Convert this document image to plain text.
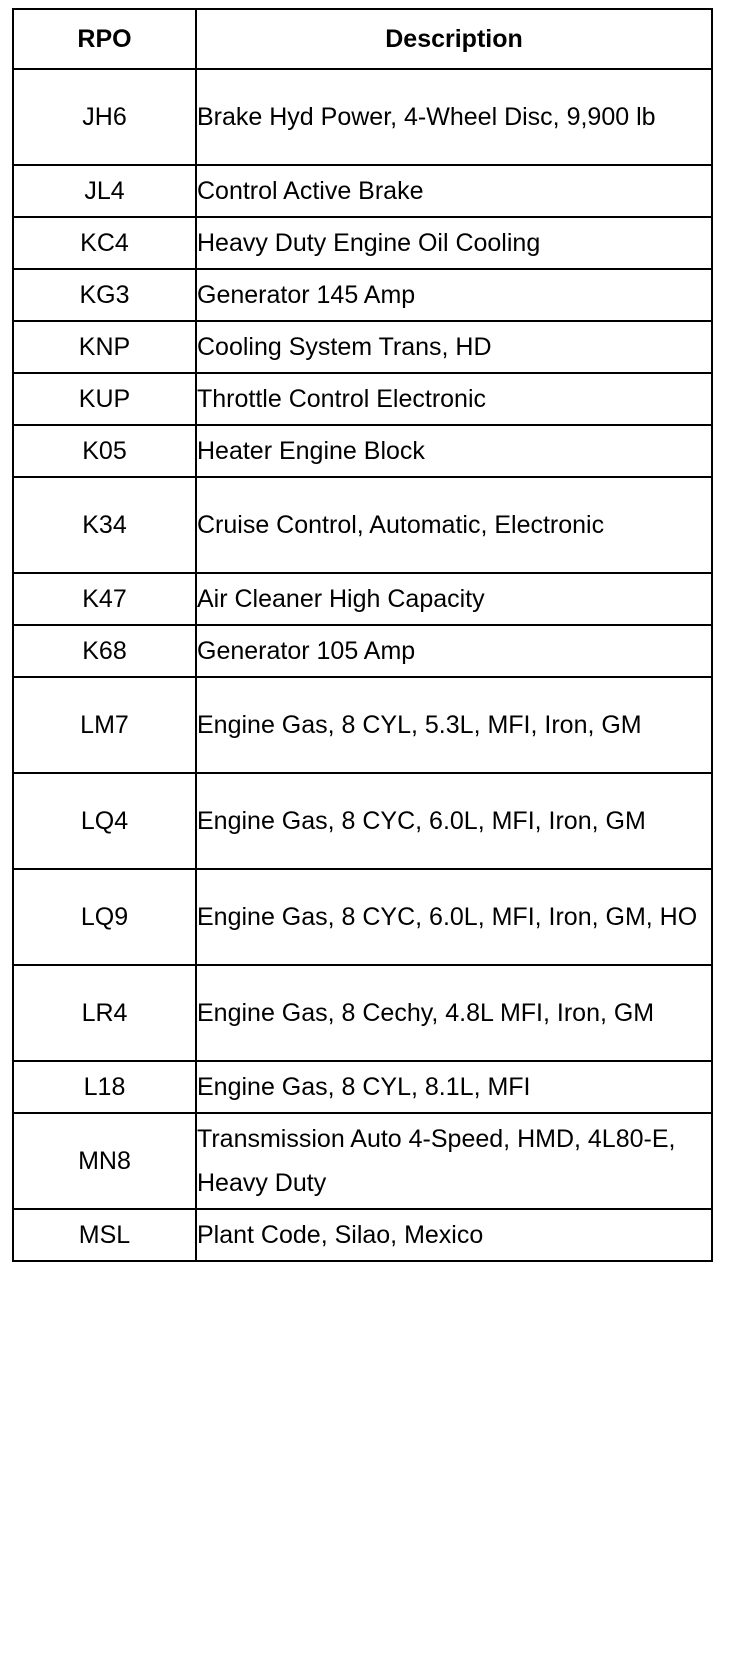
RPO	Description
JH6	Brake Hyd Power, 4-Wheel Disc, 9,900 lb
JL4	Control Active Brake
KC4	Heavy Duty Engine Oil Cooling
KG3	Generator 145 Amp
KNP	Cooling System Trans, HD
KUP	Throttle Control Electronic
K05	Heater Engine Block
K34	Cruise Control, Automatic, Electronic
K47	Air Cleaner High Capacity
K68	Generator 105 Amp
LM7	Engine Gas, 8 CYL, 5.3L, MFI, Iron, GM
LQ4	Engine Gas, 8 CYC, 6.0L, MFI, Iron, GM
LQ9	Engine Gas, 8 CYC, 6.0L, MFI, Iron, GM, HO
LR4	Engine Gas, 8 Cechy, 4.8L MFI, Iron, GM
L18	Engine Gas, 8 CYL, 8.1L, MFI
MN8	Transmission Auto 4-Speed, HMD, 4L80-E, Heavy Duty
MSL	Plant Code, Silao, Mexico
